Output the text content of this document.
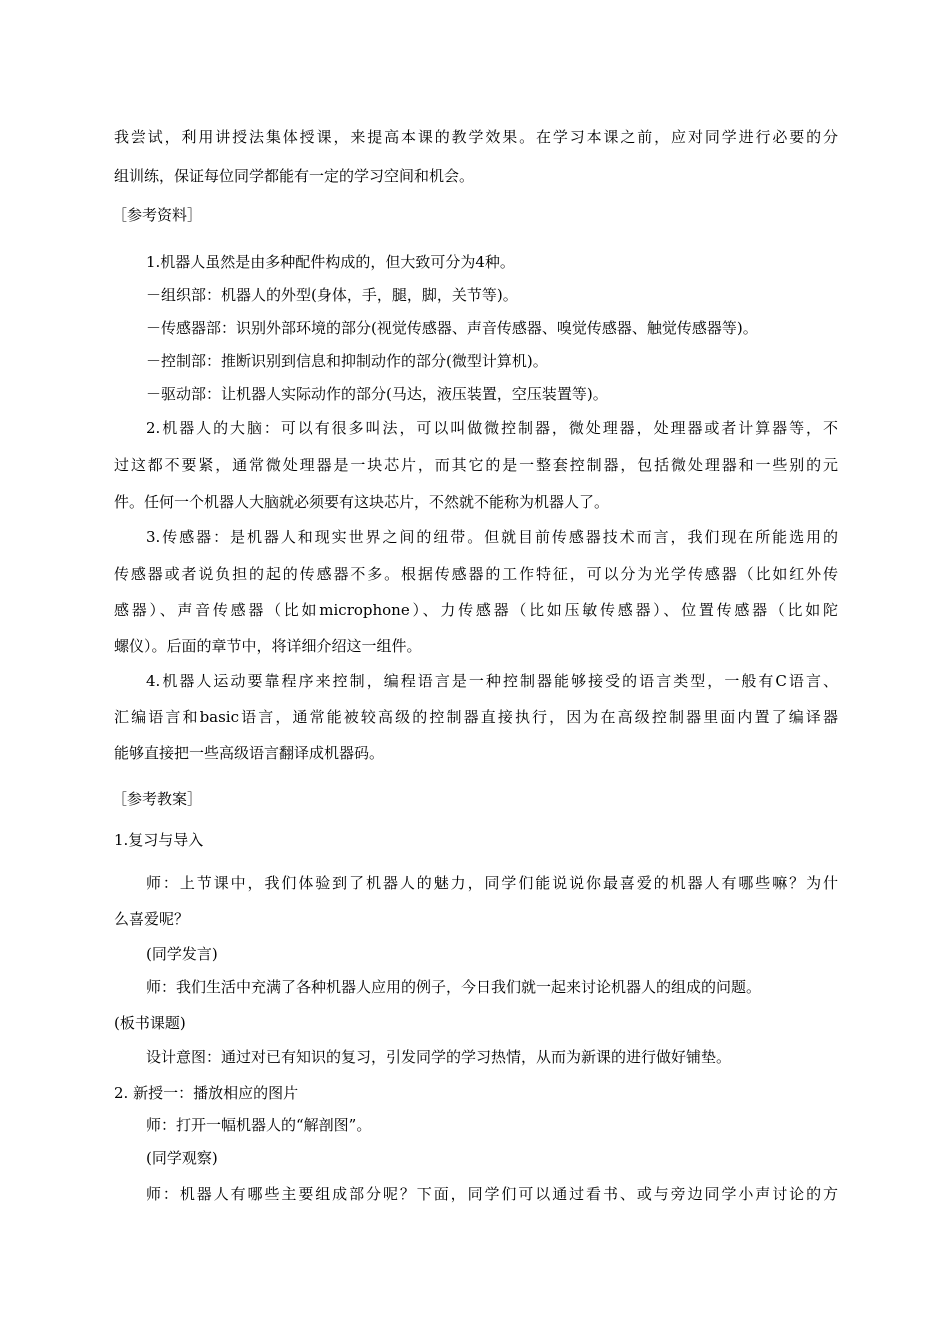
我尝试，利用讲授法集体授课，来提高本课的教学效果。在学习本课之前，应对同学进行必要的分
组训练，保证每位同学都能有一定的学习空间和机会。
［参考资料］
1.机器人虽然是由多种配件构成的，但大致可分为4种。
－组织部：机器人的外型(身体，手，腿，脚，关节等)。
－传感器部：识别外部环境的部分(视觉传感器、声音传感器、嗅觉传感器、触觉传感器等)。
－控制部：推断识别到信息和抑制动作的部分(微型计算机)。
－驱动部：让机器人实际动作的部分(马达，液压装置，空压装置等)。
2.机器人的大脑：可以有很多叫法，可以叫做微控制器，微处理器，处理器或者计算器等，不
过这都不要紧，通常微处理器是一块芯片，而其它的是一整套控制器，包括微处理器和一些别的元
件。任何一个机器人大脑就必须要有这块芯片，不然就不能称为机器人了。
3.传感器：是机器人和现实世界之间的纽带。但就目前传感器技术而言，我们现在所能选用的
传感器或者说负担的起的传感器不多。根据传感器的工作特征，可以分为光学传感器（比如红外传
感器）、声音传感器（比如microphone）、力传感器（比如压敏传感器）、位置传感器（比如陀
螺仪）。后面的章节中，将详细介绍这一组件。
4.机器人运动要靠程序来控制，编程语言是一种控制器能够接受的语言类型，一般有C语言、
汇编语言和basic语言，通常能被较高级的控制器直接执行，因为在高级控制器里面内置了编译器
能够直接把一些高级语言翻译成机器码。
［参考教案］
1.复习与导入
师：上节课中，我们体验到了机器人的魅力，同学们能说说你最喜爱的机器人有哪些嘛？为什
么喜爱呢？
(同学发言)
师：我们生活中充满了各种机器人应用的例子，今日我们就一起来讨论机器人的组成的问题。
(板书课题)
设计意图：通过对已有知识的复习，引发同学的学习热情，从而为新课的进行做好铺垫。
2. 新授一：播放相应的图片
师：打开一幅机器人的“解剖图”。
(同学观察)
师：机器人有哪些主要组成部分呢？下面，同学们可以通过看书、或与旁边同学小声讨论的方
